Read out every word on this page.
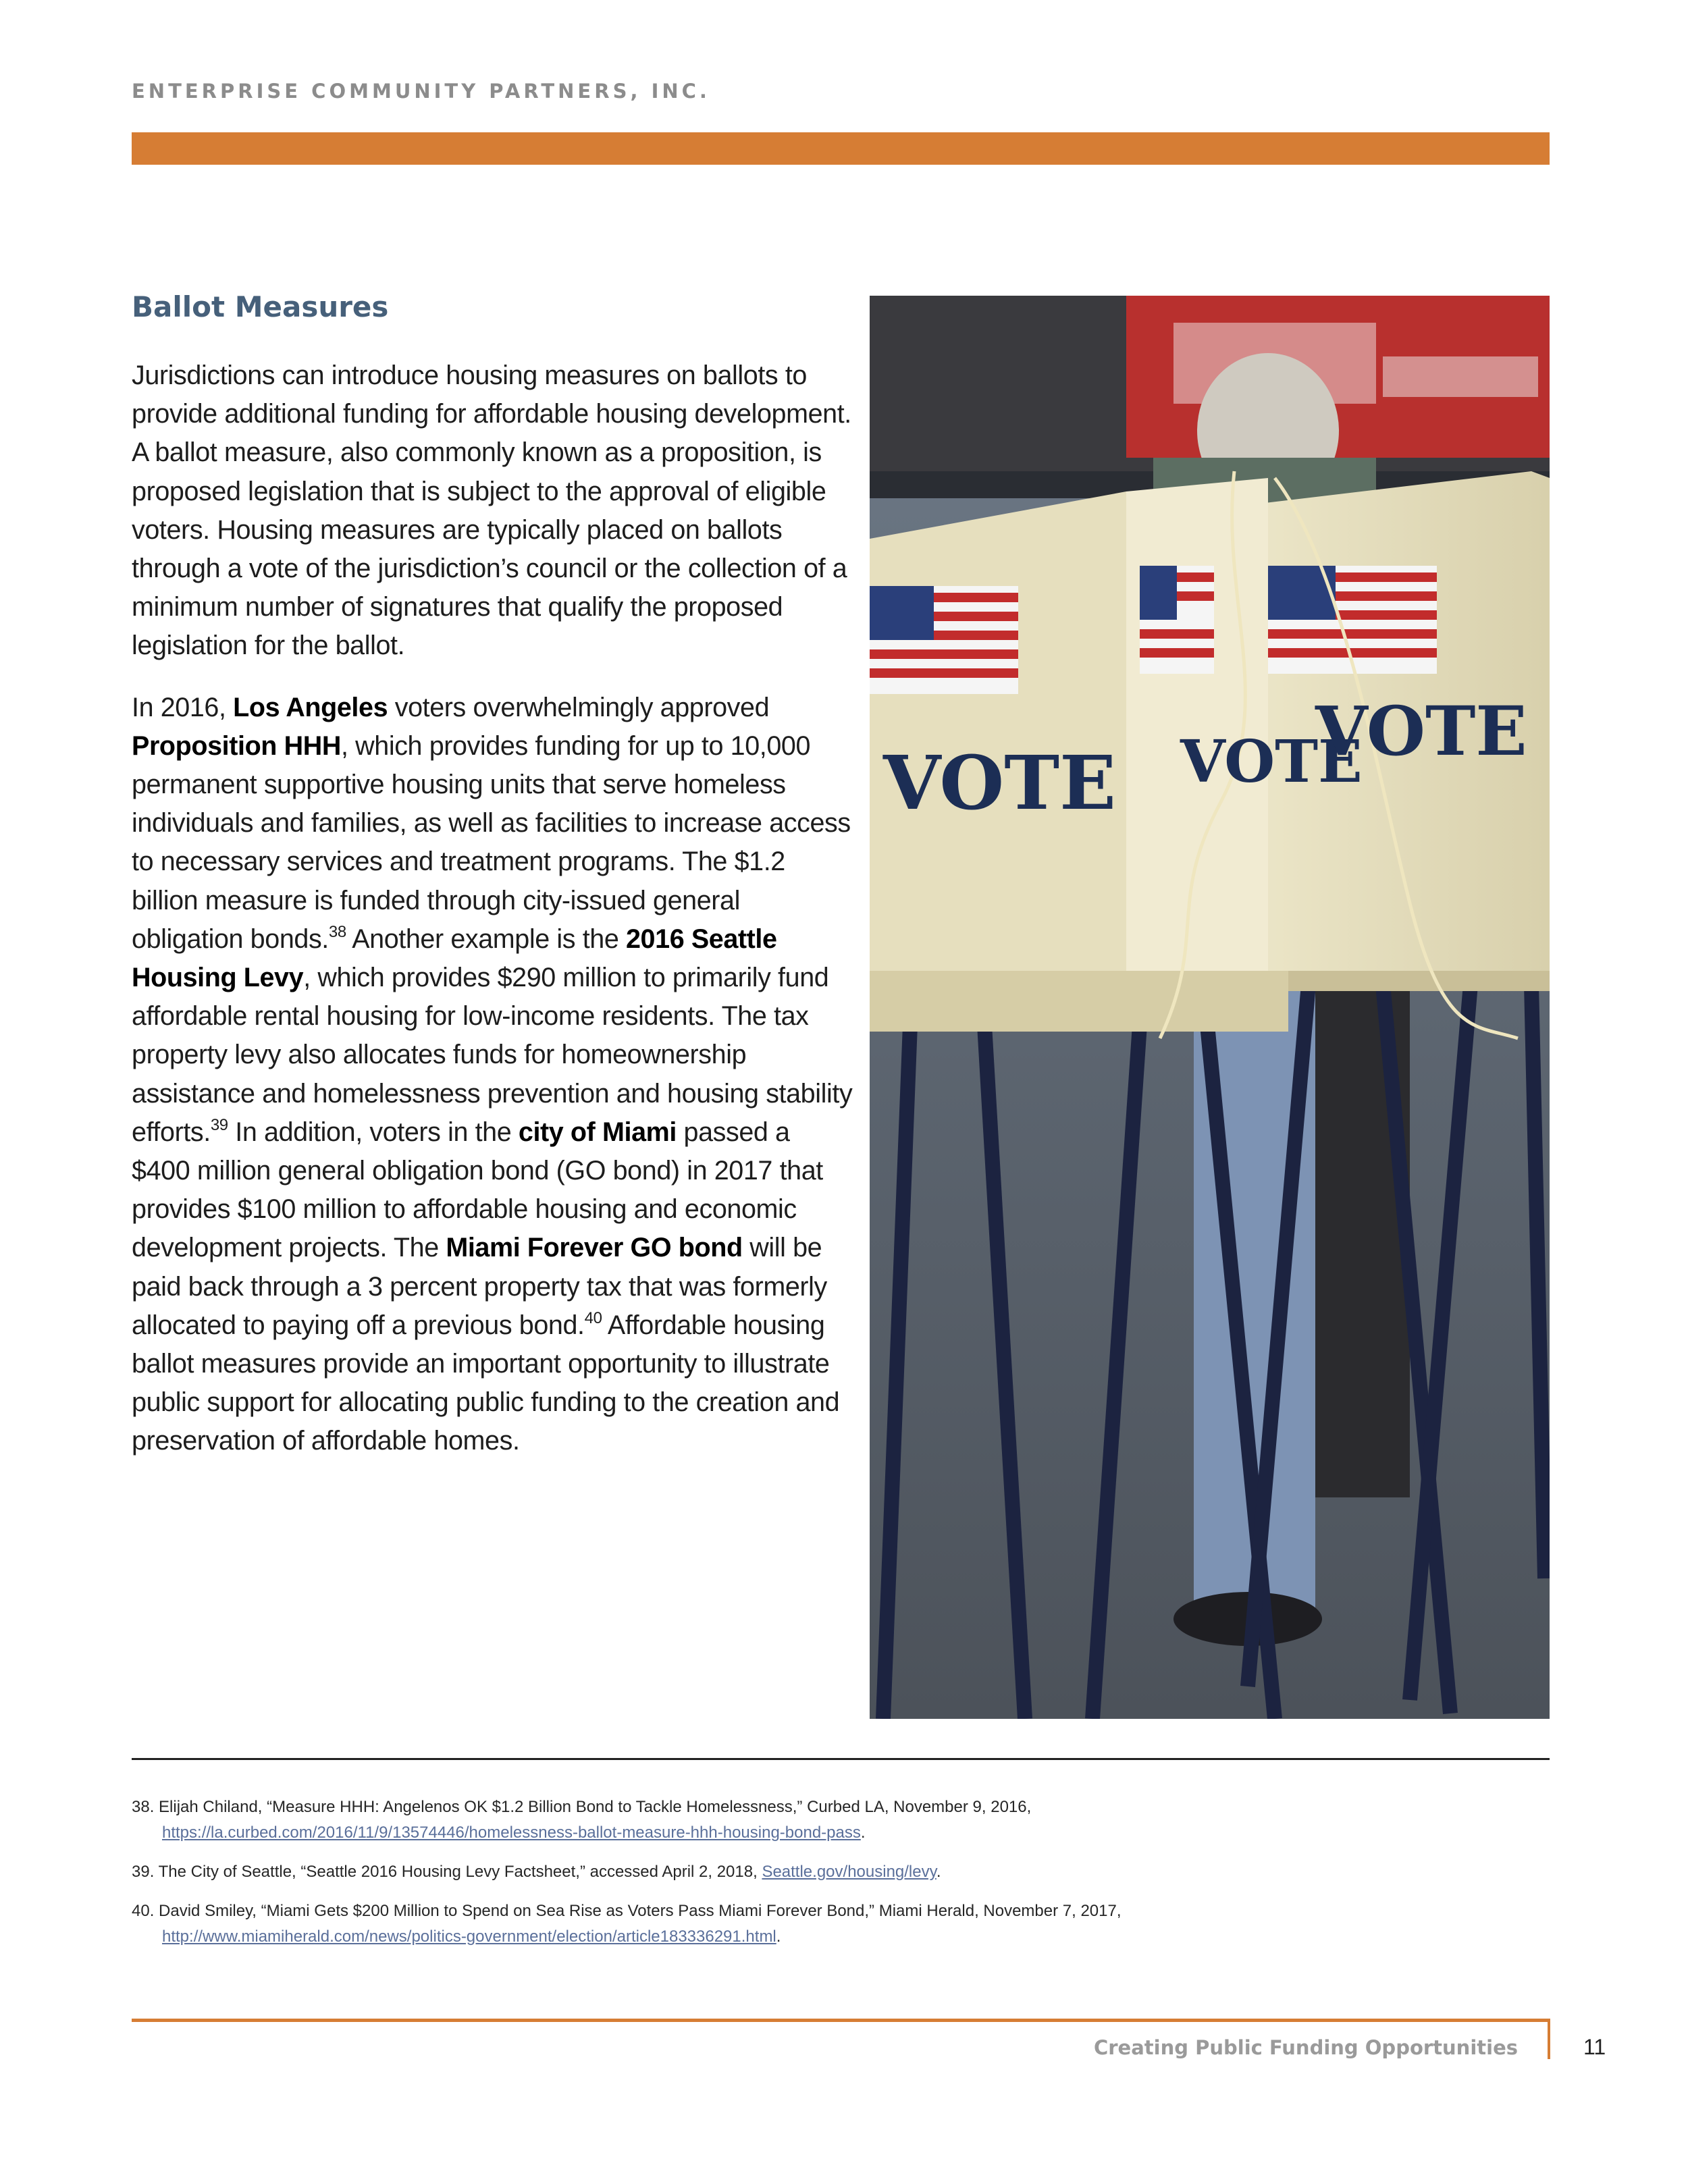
ENTERPRISE COMMUNITY PARTNERS, INC.
Ballot Measures

Jurisdictions can introduce housing measures on ballots to provide additional funding for affordable housing development. A ballot measure, also commonly known as a proposition, is proposed legislation that is subject to the approval of eligible voters. Housing measures are typically placed on ballots through a vote of the jurisdiction’s council or the collection of a minimum number of signatures that qualify the proposed legislation for the ballot.

In 2016, Los Angeles voters overwhelmingly approved Proposition HHH, which provides funding for up to 10,000 permanent supportive housing units that serve homeless individuals and families, as well as facilities to increase access to necessary services and treatment programs. The $1.2 billion measure is funded through city-issued general obligation bonds.$^{38}$ Another example is the 2016 Seattle Housing Levy, which provides $290 million to primarily fund affordable rental housing for low-income residents. The tax property levy also allocates funds for homeownership assistance and homelessness prevention and housing stability efforts.$^{39}$ In addition, voters in the city of Miami passed a $400 million general obligation bond (GO bond) in 2017 that provides $100 million to affordable housing and economic development projects. The Miami Forever GO bond will be paid back through a 3 percent property tax that was formerly allocated to paying off a previous bond.$^{40}$ Affordable housing ballot measures provide an important opportunity to illustrate public support for allocating public funding to the creation and preservation of affordable homes.

VOTE VOTE
VOTE

38. Elijah Chiland, “Measure HHH: Angelenos OK $1.2 Billion Bond to Tackle Homelessness,” Curbed LA, November 9, 2016,
https://la.curbed.com/2016/11/9/13574446/homelessness-ballot-measure-hhh-housing-bond-pass.

39. The City of Seattle, “Seattle 2016 Housing Levy Factsheet,” accessed April 2, 2018, Seattle.gov/housing/levy.

40. David Smiley, “Miami Gets $200 Million to Spend on Sea Rise as Voters Pass Miami Forever Bond,” Miami Herald, November 7, 2017,
http://www.miamiherald.com/news/politics-government/election/article183336291.html.

Creating Public Funding Opportunities	11
